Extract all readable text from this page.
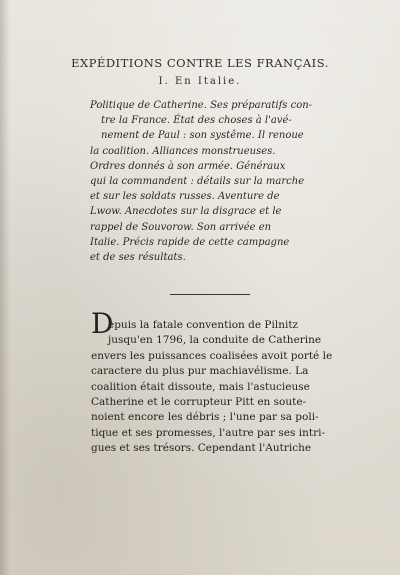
EXPÉDITIONS CONTRE LES FRANÇAIS.
I. En Italie.
Politique de Catherine. Ses préparatifs con-
tre la France. État des choses à l'avé-
nement de Paul : son systême. Il renoue
la coalition. Alliances monstrueuses.
Ordres donnés à son armée. Généraux
qui la commandent : détails sur la marche
et sur les soldats russes. Aventure de
Lwow. Anecdotes sur la disgrace et le
rappel de Souvorow. Son arrivée en
Italie. Précis rapide de cette campagne
et de ses résultats.
D
epuis la fatale convention de Pilnitz
jusqu'en 1796, la conduite de Catherine
envers les puissances coalisées avoit porté le
caractere du plus pur machiavélisme. La
coalition était dissoute, mais l'astucieuse
Catherine et le corrupteur Pitt en soute-
noient encore les débris ; l'une par sa poli-
tique et ses promesses, l'autre par ses intri-
gues et ses trésors. Cependant l'Autriche
